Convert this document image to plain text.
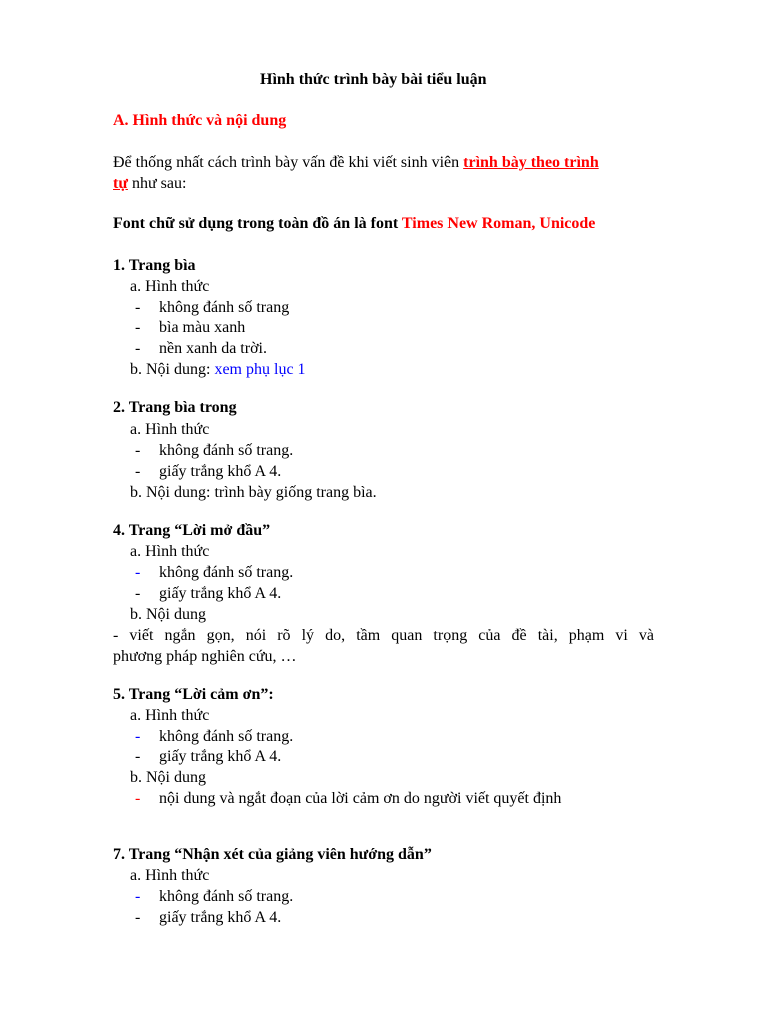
Hình thức trình bày bài tiểu luận
A. Hình thức và nội dung
Để thống nhất cách trình bày vấn đề khi viết sinh viên trình bày theo trình
tự như sau:
Font chữ sử dụng trong toàn đồ án là font Times New Roman, Unicode
1. Trang bìa
a. Hình thức
- không đánh số trang
- bìa màu xanh
- nền xanh da trời.
b. Nội dung: xem phụ lục 1
2. Trang bìa trong
a. Hình thức
- không đánh số trang.
- giấy trắng khổ A 4.
b. Nội dung: trình bày giống trang bìa.
4. Trang “Lời mở đầu”
a. Hình thức
- không đánh số trang.
- giấy trắng khổ A 4.
b. Nội dung
- viết ngắn gọn, nói rõ lý do, tầm quan trọng của đề tài, phạm vi và
phương pháp nghiên cứu, …
5. Trang “Lời cảm ơn”:
a. Hình thức
- không đánh số trang.
- giấy trắng khổ A 4.
b. Nội dung
- nội dung và ngắt đoạn của lời cảm ơn do người viết quyết định
7. Trang “Nhận xét của giảng viên hướng dẫn”
a. Hình thức
- không đánh số trang.
- giấy trắng khổ A 4.
